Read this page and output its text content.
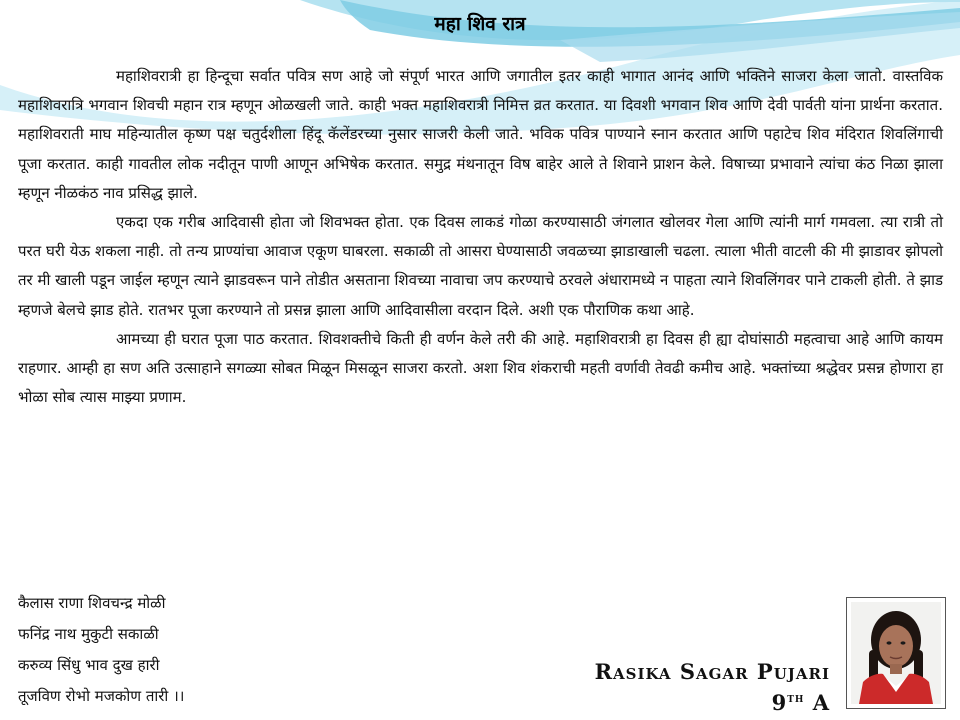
महा शिव रात्र

महाशिवरात्री हा हिन्दूचा सर्वात पवित्र सण आहे जो संपूर्ण भारत आणि जगातील इतर काही भागात आनंद आणि भक्तिने साजरा केला जातो. वास्तविक महाशिवरात्रि भगवान शिवची महान रात्र म्हणून ओळखली जाते. काही भक्त महाशिवरात्री निमित्त व्रत करतात. या दिवशी भगवान शिव आणि देवी पार्वती यांना प्रार्थना करतात. महाशिवराती माघ महिन्यातील कृष्ण पक्ष चतुर्दशीला हिंदू कॅलेंडरच्या नुसार साजरी केली जाते. भविक पवित्र पाण्याने स्नान करतात आणि पहाटेच शिव मंदिरात शिवलिंगाची पूजा करतात. काही गावतील लोक नदीतून पाणी आणून अभिषेक करतात. समुद्र मंथनातून विष बाहेर आले ते शिवाने प्राशन केले. विषाच्या प्रभावाने त्यांचा कंठ निळा झाला म्हणून नीळकंठ नाव प्रसिद्ध झाले.

एकदा एक गरीब आदिवासी होता जो शिवभक्त होता. एक दिवस लाकडं गोळा करण्यासाठी जंगलात खोलवर गेला आणि त्यांनी मार्ग गमवला. त्या रात्री तो परत घरी येऊ शकला नाही. तो तन्य प्राण्यांचा आवाज एकूण घाबरला. सकाळी तो आसरा घेण्यासाठी जवळच्या झाडाखाली चढला. त्याला भीती वाटली की मी झाडावर झोपलो तर मी खाली पडून जाईल म्हणून त्याने झाडवरून पाने तोडीत असताना शिवच्या नावाचा जप करण्याचे ठरवले अंधारामध्ये न पाहता त्याने शिवलिंगवर पाने टाकली होती. ते झाड म्हणजे बेलचे झाड होते. रातभर पूजा करण्याने तो प्रसन्न झाला आणि आदिवासीला वरदान दिले. अशी एक पौराणिक कथा आहे.

आमच्या ही घरात पूजा पाठ करतात. शिवशक्तीचे किती ही वर्णन केले तरी की आहे. महाशिवरात्री हा दिवस ही ह्या दोघांसाठी महत्वाचा आहे आणि कायम राहणार. आम्ही हा सण अति उत्साहाने सगळ्या सोबत मिळून मिसळून साजरा करतो. अशा शिव शंकराची महती वर्णावी तेवढी कमीच आहे. भक्तांच्या श्रद्धेवर प्रसन्न होणारा हा भोळा सोब त्यास माझ्या प्रणाम.

कैलास राणा शिवचन्द्र मोळी
फनिंद्र नाथ मुकुटी सकाळी
करुव्य सिंधु भाव दुख हारी
तूजविण रोभो मजकोण तारी ।।
Rasika Sagar Pujari
9th A
